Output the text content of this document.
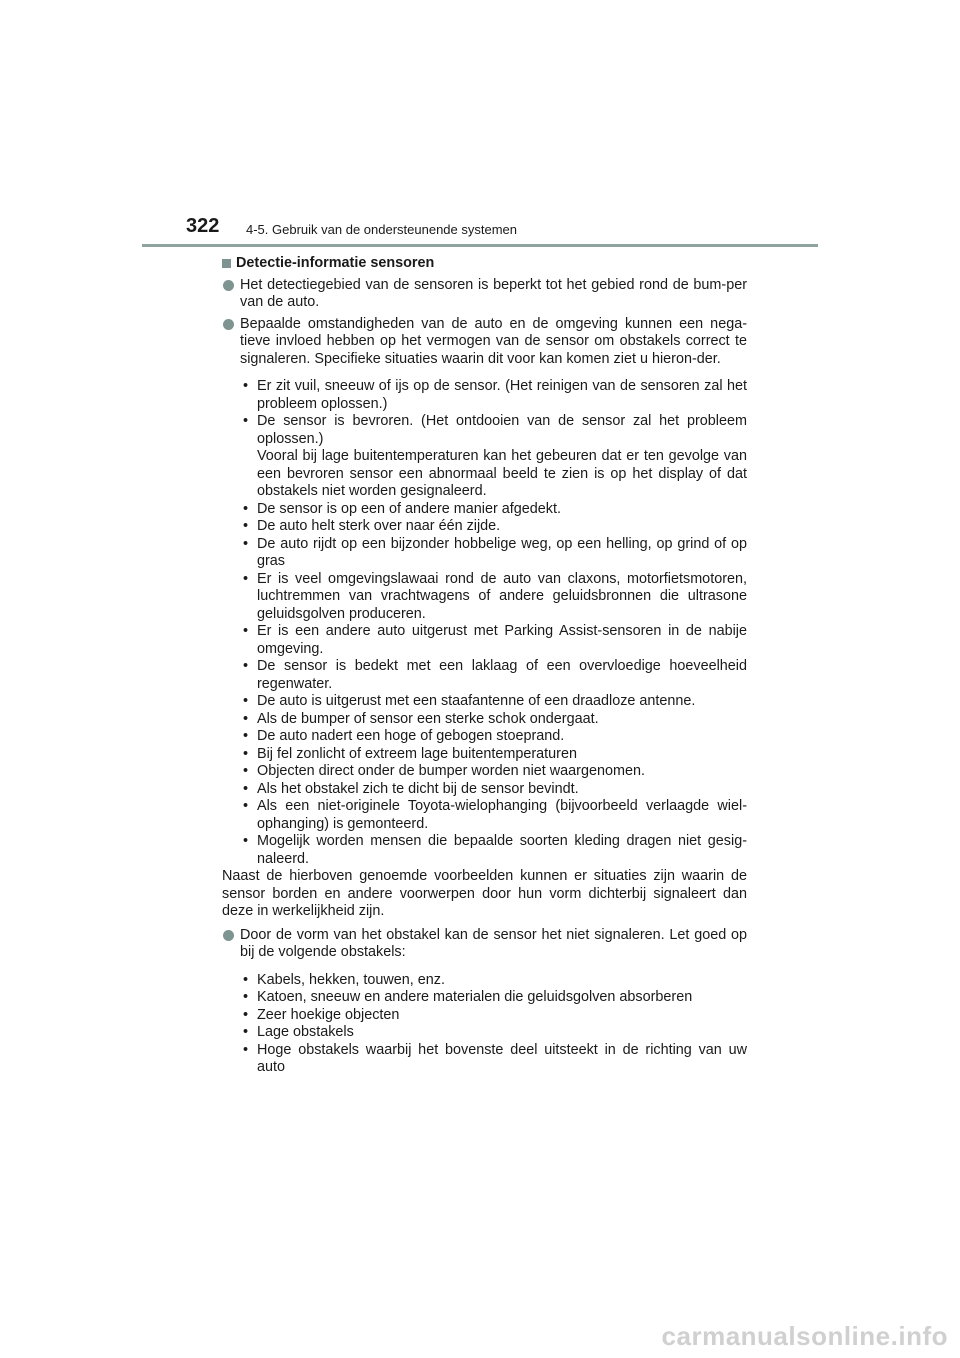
322 4-5. Gebruik van de ondersteunende systemen
Detectie-informatie sensoren
Het detectiegebied van de sensoren is beperkt tot het gebied rond de bum-per van de auto.
Bepaalde omstandigheden van de auto en de omgeving kunnen een nega-tieve invloed hebben op het vermogen van de sensor om obstakels correct te signaleren. Specifieke situaties waarin dit voor kan komen ziet u hieron-der.
• Er zit vuil, sneeuw of ijs op de sensor. (Het reinigen van de sensoren zal het probleem oplossen.)
• De sensor is bevroren. (Het ontdooien van de sensor zal het probleem oplossen.)
Vooral bij lage buitentemperaturen kan het gebeuren dat er ten gevolge van een bevroren sensor een abnormaal beeld te zien is op het display of dat obstakels niet worden gesignaleerd.
• De sensor is op een of andere manier afgedekt.
• De auto helt sterk over naar één zijde.
• De auto rijdt op een bijzonder hobbelige weg, op een helling, op grind of op gras
• Er is veel omgevingslawaai rond de auto van claxons, motorfietsmotoren, luchtremmen van vrachtwagens of andere geluidsbronnen die ultrasone geluidsgolven produceren.
• Er is een andere auto uitgerust met Parking Assist-sensoren in de nabije omgeving.
• De sensor is bedekt met een laklaag of een overvloedige hoeveelheid regenwater.
• De auto is uitgerust met een staafantenne of een draadloze antenne.
• Als de bumper of sensor een sterke schok ondergaat.
• De auto nadert een hoge of gebogen stoeprand.
• Bij fel zonlicht of extreem lage buitentemperaturen
• Objecten direct onder de bumper worden niet waargenomen.
• Als het obstakel zich te dicht bij de sensor bevindt.
• Als een niet-originele Toyota-wielophanging (bijvoorbeeld verlaagde wiel-ophanging) is gemonteerd.
• Mogelijk worden mensen die bepaalde soorten kleding dragen niet gesig-naleerd.

Naast de hierboven genoemde voorbeelden kunnen er situaties zijn waarin de sensor borden en andere voorwerpen door hun vorm dichterbij signaleert dan deze in werkelijkheid zijn.

Door de vorm van het obstakel kan de sensor het niet signaleren. Let goed op bij de volgende obstakels:
• Kabels, hekken, touwen, enz.
• Katoen, sneeuw en andere materialen die geluidsgolven absorberen
• Zeer hoekige objecten
• Lage obstakels
• Hoge obstakels waarbij het bovenste deel uitsteekt in de richting van uw auto
carmanualsonline.info
